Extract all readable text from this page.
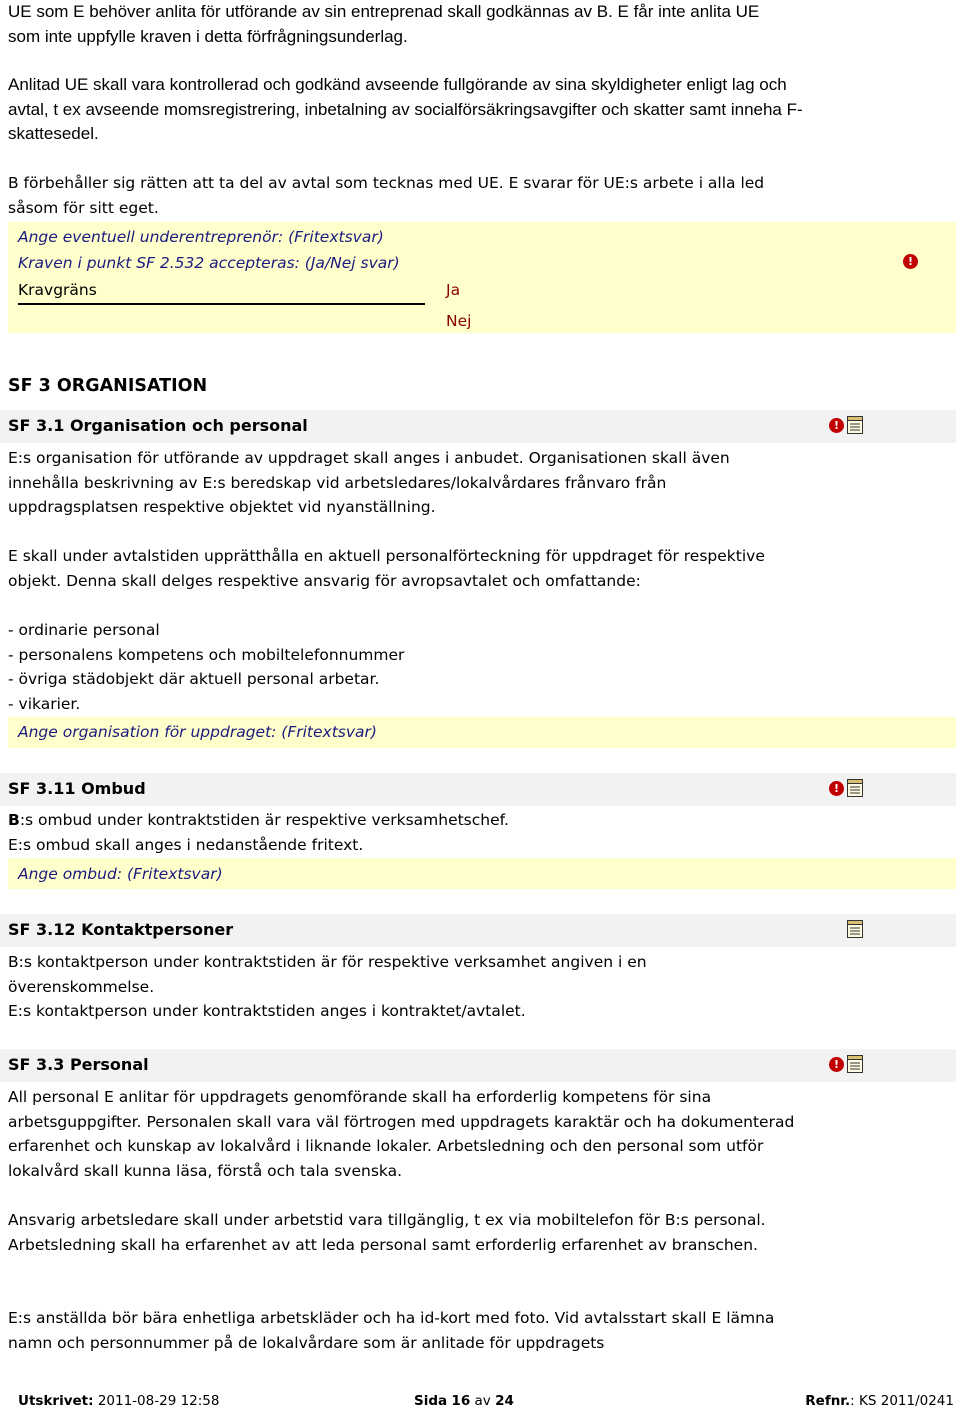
UE som E behöver anlita för utförande av sin entreprenad skall godkännas av B. E får inte anlita UE som inte uppfylle kraven i detta förfrågningsunderlag.

Anlitad UE skall vara kontrollerad och godkänd avseende fullgörande av sina skyldigheter enligt lag och avtal, t ex avseende momsregistrering, inbetalning av socialförsäkringsavgifter och skatter samt inneha F-skattesedel.

B förbehåller sig rätten att ta del av avtal som tecknas med UE. E svarar för UE:s arbete i alla led såsom för sitt eget.

Ange eventuell underentreprenör: (Fritextsvar)
Kraven i punkt SF 2.532 accepteras: (Ja/Nej svar)
Kravgräns	Ja
Nej
!
SF 3 ORGANISATION
SF 3.1 Organisation och personal	!

E:s organisation för utförande av uppdraget skall anges i anbudet. Organisationen skall även innehålla beskrivning av E:s beredskap vid arbetsledares/lokalvårdares frånvaro från uppdragsplatsen respektive objektet vid nyanställning.

E skall under avtalstiden upprätthålla en aktuell personalförteckning för uppdraget för respektive objekt. Denna skall delges respektive ansvarig för avropsavtalet och omfattande:

- ordinarie personal
- personalens kompetens och mobiltelefonnummer
- övriga städobjekt där aktuell personal arbetar.
- vikarier.
Ange organisation för uppdraget: (Fritextsvar)
SF 3.11 Ombud	!

B:s ombud under kontraktstiden är respektive verksamhetschef.

E:s ombud skall anges i nedanstående fritext.

Ange ombud: (Fritextsvar)
SF 3.12 Kontaktpersoner

B:s kontaktperson under kontraktstiden är för respektive verksamhet angiven i en överenskommelse.

E:s kontaktperson under kontraktstiden anges i kontraktet/avtalet.

SF 3.3 Personal	!

All personal E anlitar för uppdragets genomförande skall ha erforderlig kompetens för sina arbetsguppgifter. Personalen skall vara väl förtrogen med uppdragets karaktär och ha dokumenterad erfarenhet och kunskap av lokalvård i liknande lokaler. Arbetsledning och den personal som utför lokalvård skall kunna läsa, förstå och tala svenska.

Ansvarig arbetsledare skall under arbetstid vara tillgänglig, t ex via mobiltelefon för B:s personal. Arbetsledning skall ha erfarenhet av att leda personal samt erforderlig erfarenhet av branschen.

E:s anställda bör bära enhetliga arbetskläder och ha id-kort med foto. Vid avtalsstart skall E lämna namn och personnummer på de lokalvårdare som är anlitade för uppdragets

Utskrivet: 2011-08-29 12:58	Sida 16 av 24	Refnr.: KS 2011/0241
